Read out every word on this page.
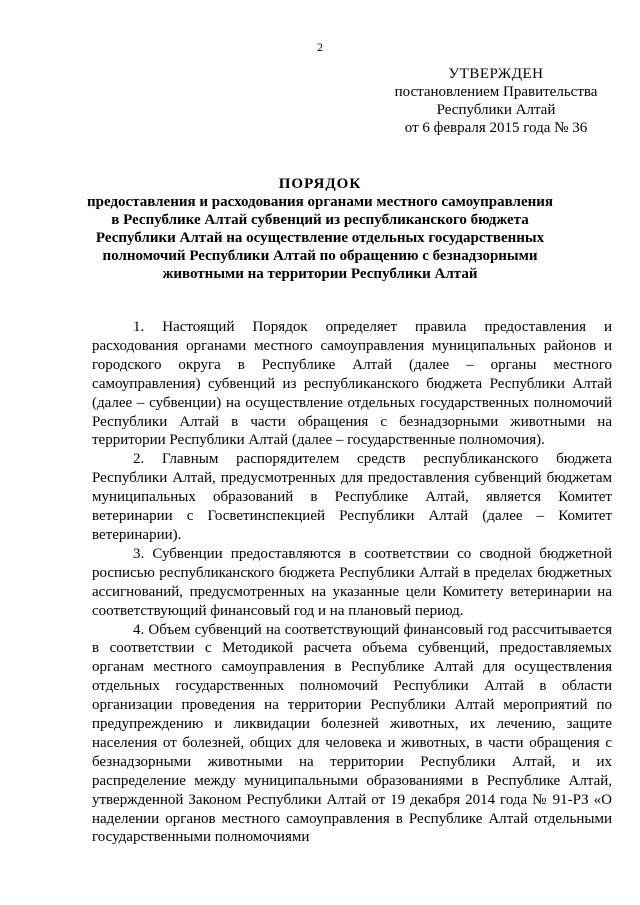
2
УТВЕРЖДЕН
постановлением Правительства
Республики Алтай
от 6 февраля 2015 года № 36
ПОРЯДОК
предоставления и расходования органами местного самоуправления в Республике Алтай субвенций из республиканского бюджета Республики Алтай на осуществление отдельных государственных полномочий Республики Алтай по обращению с безнадзорными животными на территории Республики Алтай

1. Настоящий Порядок определяет правила предоставления и расходования органами местного самоуправления муниципальных районов и городского округа в Республике Алтай (далее – органы местного самоуправления) субвенций из республиканского бюджета Республики Алтай (далее – субвенции) на осуществление отдельных государственных полномочий Республики Алтай в части обращения с безнадзорными животными на территории Республики Алтай (далее – государственные полномочия).

2. Главным распорядителем средств республиканского бюджета Республики Алтай, предусмотренных для предоставления субвенций бюджетам муниципальных образований в Республике Алтай, является Комитет ветеринарии с Госветинспекцией Республики Алтай (далее – Комитет ветеринарии).

3. Субвенции предоставляются в соответствии со сводной бюджетной росписью республиканского бюджета Республики Алтай в пределах бюджетных ассигнований, предусмотренных на указанные цели Комитету ветеринарии на соответствующий финансовый год и на плановый период.

4. Объем субвенций на соответствующий финансовый год рассчитывается в соответствии с Методикой расчета объема субвенций, предоставляемых органам местного самоуправления в Республике Алтай для осуществления отдельных государственных полномочий Республики Алтай в области организации проведения на территории Республики Алтай мероприятий по предупреждению и ликвидации болезней животных, их лечению, защите населения от болезней, общих для человека и животных, в части обращения с безнадзорными животными на территории Республики Алтай, и их распределение между муниципальными образованиями в Республике Алтай, утвержденной Законом Республики Алтай от 19 декабря 2014 года № 91-РЗ «О наделении органов местного самоуправления в Республике Алтай отдельными государственными полномочиями
